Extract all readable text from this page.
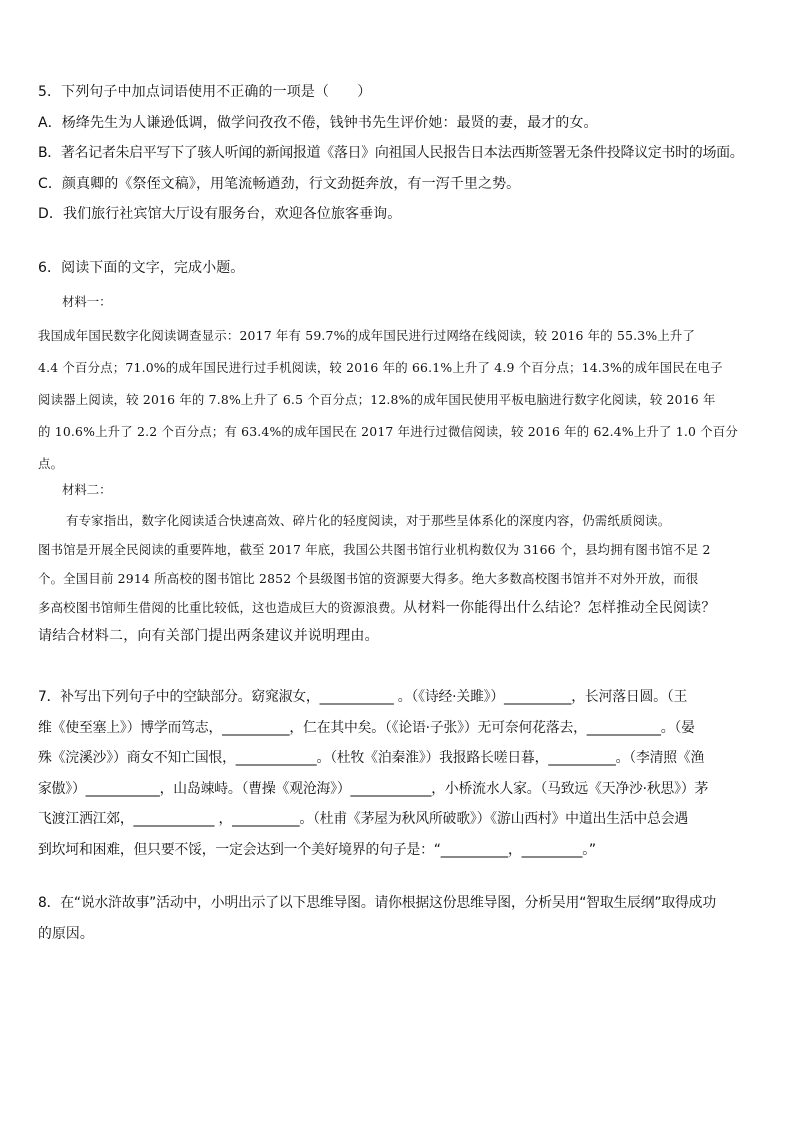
5．下列句子中加点词语使用不正确的一项是（　　）
A．杨绛先生为人谦逊低调，做学问孜孜不倦，钱钟书先生评价她：最贤的妻，最才的女。
B．著名记者朱启平写下了骇人听闻的新闻报道《落日》向祖国人民报告日本法西斯签署无条件投降议定书时的场面。
C．颜真卿的《祭侄文稿》，用笔流畅遒劲，行文劲挺奔放，有一泻千里之势。
D．我们旅行社宾馆大厅设有服务台，欢迎各位旅客垂询。
6．阅读下面的文字，完成小题。
材料一：
我国成年国民数字化阅读调查显示：2017 年有 59.7%的成年国民进行过网络在线阅读，较 2016 年的 55.3%上升了
4.4 个百分点；71.0%的成年国民进行过手机阅读，较 2016 年的 66.1%上升了 4.9 个百分点；14.3%的成年国民在电子
阅读器上阅读，较 2016 年的 7.8%上升了 6.5 个百分点；12.8%的成年国民使用平板电脑进行数字化阅读，较 2016 年
的 10.6%上升了 2.2 个百分点；有 63.4%的成年国民在 2017 年进行过微信阅读，较 2016 年的 62.4%上升了 1.0 个百分
点。
材料二：
有专家指出，数字化阅读适合快速高效、碎片化的轻度阅读，对于那些呈体系化的深度内容，仍需纸质阅读。
图书馆是开展全民阅读的重要阵地，截至 2017 年底，我国公共图书馆行业机构数仅为 3166 个，县均拥有图书馆不足 2
个。全国目前 2914 所高校的图书馆比 2852 个县级图书馆的资源要大得多。绝大多数高校图书馆并不对外开放，而很
多高校图书馆师生借阅的比重比较低，这也造成巨大的资源浪费。从材料一你能得出什么结论？怎样推动全民阅读？
请结合材料二，向有关部门提出两条建议并说明理由。
7．补写出下列句子中的空缺部分。窈窕淑女，___________ 。（《诗经·关雎》）__________，长河落日圆。（王
维《使至塞上》）博学而笃志，__________，仁在其中矣。（《论语·子张》）无可奈何花落去，___________。（晏
殊《浣溪沙》）商女不知亡国恨，____________。（杜牧《泊秦淮》）我报路长嗟日暮，__________。（李清照《渔
家傲》）___________，山岛竦峙。（曹操《观沧海》）____________，小桥流水人家。（马致远《天净沙·秋思》）茅
飞渡江洒江郊，____________ ，__________。（杜甫《茅屋为秋风所破歌》）《游山西村》中道出生活中总会遇
到坎坷和困难，但只要不馁，一定会达到一个美好境界的句子是：“__________，_________。”
8．在“说水浒故事”活动中，小明出示了以下思维导图。请你根据这份思维导图，分析吴用“智取生辰纲”取得成功
的原因。
